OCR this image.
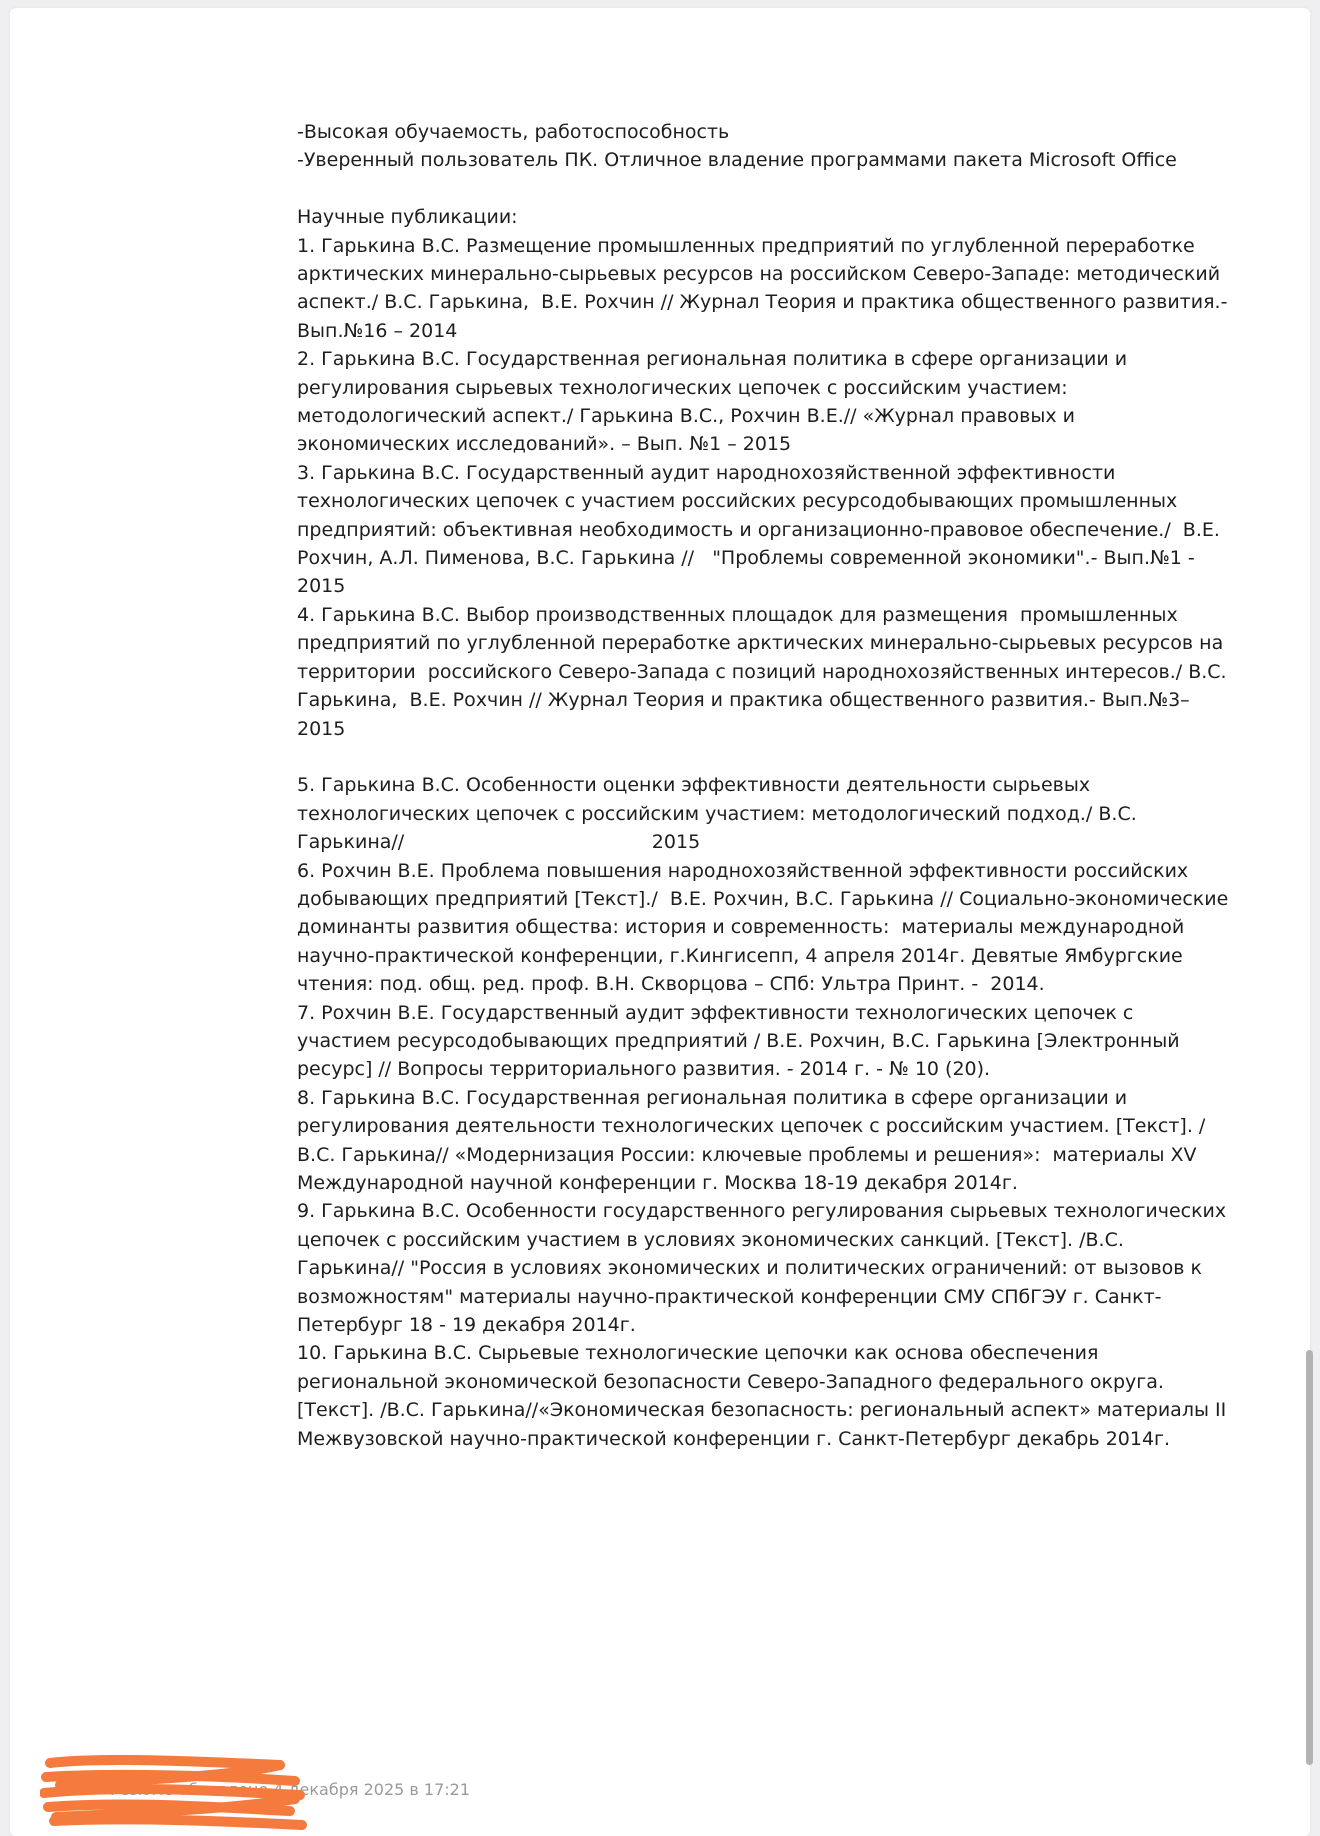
-Высокая обучаемость, работоспособность

-Уверенный пользователь ПК. Отличное владение программами пакета Microsoft Office

Научные публикации:

1. Гарькина В.С. Размещение промышленных предприятий по углубленной переработке арктических минерально-сырьевых ресурсов на российском Северо-Западе: методический аспект./ В.С. Гарькина,  В.Е. Рохчин // Журнал Теория и практика общественного развития.- Вып.№16 – 2014

2. Гарькина В.С. Государственная региональная политика в сфере организации и регулирования сырьевых технологических цепочек с российским участием: методологический аспект./ Гарькина В.С., Рохчин В.Е.// «Журнал правовых и экономических исследований». – Вып. №1 – 2015

3. Гарькина В.С. Государственный аудит народнохозяйственной эффективности технологических цепочек с участием российских ресурсодобывающих промышленных предприятий: объективная необходимость и организационно-правовое обеспечение./  В.Е. Рохчин, А.Л. Пименова, В.С. Гарькина //   "Проблемы современной экономики".- Вып.№1 - 2015

4. Гарькина В.С. Выбор производственных площадок для размещения  промышленных предприятий по углубленной переработке арктических минерально-сырьевых ресурсов на территории  российского Северо-Запада с позиций народнохозяйственных интересов./ В.С. Гарькина,  В.Е. Рохчин // Журнал Теория и практика общественного развития.- Вып.№3– 2015

5. Гарькина В.С. Особенности оценки эффективности деятельности сырьевых технологических цепочек с российским участием: методологический подход./ В.С. Гарькина//                                         2015

6. Рохчин В.Е. Проблема повышения народнохозяйственной эффективности российских добывающих предприятий [Текст]./  В.Е. Рохчин, В.С. Гарькина // Социально-экономические доминанты развития общества: история и современность:  материалы международной научно-практической конференции, г.Кингисепп, 4 апреля 2014г. Девятые Ямбургские чтения: под. общ. ред. проф. В.Н. Скворцова – СПб: Ультра Принт. -  2014.

7. Рохчин В.Е. Государственный аудит эффективности технологических цепочек с участием ресурсодобывающих предприятий / В.Е. Рохчин, В.С. Гарькина [Электронный ресурс] // Вопросы территориального развития. - 2014 г. - № 10 (20).

8. Гарькина В.С. Государственная региональная политика в сфере организации и регулирования деятельности технологических цепочек с российским участием. [Текст]. /В.С. Гарькина// «Модернизация России: ключевые проблемы и решения»:  материалы XV Международной научной конференции г. Москва 18-19 декабря 2014г.

9. Гарькина В.С. Особенности государственного регулирования сырьевых технологических цепочек с российским участием в условиях экономических санкций. [Текст]. /В.С. Гарькина// "Россия в условиях экономических и политических ограничений: от вызовов к возможностям" материалы научно-практической конференции СМУ СПбГЭУ г. Санкт-Петербург 18 - 19 декабря 2014г.

10. Гарькина В.С. Сырьевые технологические цепочки как основа обеспечения региональной экономической безопасности Северо-Западного федерального округа. [Текст]. /В.С. Гарькина//«Экономическая безопасность: региональный аспект» материалы II Межвузовской научно-практической конференции г. Санкт-Петербург декабрь 2014г.

Резюме обновлено 4 декабря 2025 в 17:21
